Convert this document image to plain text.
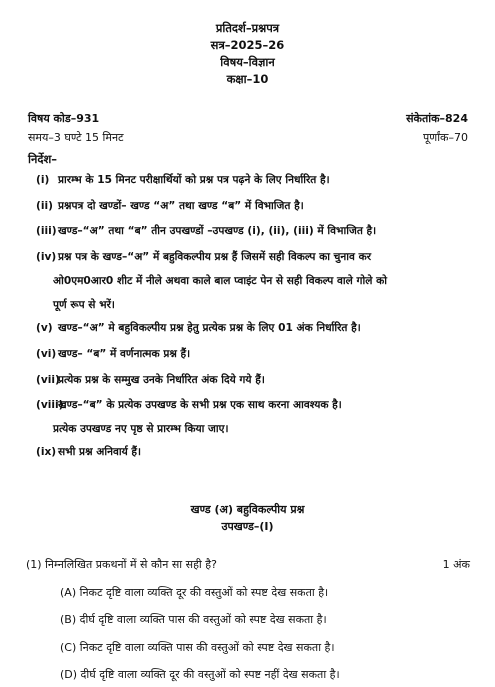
प्रतिदर्श–प्रश्नपत्र
सत्र–2025–26
विषय–विज्ञान
कक्षा–10
विषय कोड–931	संकेतांक–824
समय–3 घण्टे 15 मिनट	पूर्णांक–70
निर्देश–
(i) प्रारम्भ के 15 मिनट परीक्षार्थियों को प्रश्न पत्र पढ़ने के लिए निर्धारित है।
(ii) प्रश्नपत्र दो खण्डों– खण्ड “अ” तथा खण्ड “ब” में विभाजित है।
(iii)खण्ड–“अ” तथा “ब” तीन उपखण्डों –उपखण्ड (i), (ii), (iii) में विभाजित है।
(iv) प्रश्न पत्र के खण्ड–“अ” में बहुविकल्पीय प्रश्न हैं जिसमें सही विकल्प का चुनाव कर
ओ0एम0आर0 शीट में नीले अथवा काले बाल प्वाइंट पेन से सही विकल्प वाले गोले को
पूर्ण रूप से भरें।
(v) खण्ड–“अ” मे बहुविकल्पीय प्रश्न हेतु प्रत्येक प्रश्न के लिए 01 अंक निर्धारित है।
(vi) खण्ड– “ब” में वर्णनात्मक प्रश्न हैं।
(vii)प्रत्येक प्रश्न के सम्मुख उनके निर्धारित अंक दिये गये हैं।
(viii)खण्ड–“ब” के प्रत्येक उपखण्ड के सभी प्रश्न एक साथ करना आवश्यक है।
प्रत्येक उपखण्ड नए पृष्ठ से प्रारम्भ किया जाए।
(ix) सभी प्रश्न अनिवार्य हैं।
खण्ड (अ) बहुविकल्पीय प्रश्न
उपखण्ड–(I)
(1) निम्नलिखित प्रकथनों में से कौन सा सही है?	1 अंक
(A) निकट दृष्टि वाला व्यक्ति दूर की वस्तुओं को स्पष्ट देख सकता है।
(B) दीर्घ दृष्टि वाला व्यक्ति पास की वस्तुओं को स्पष्ट देख सकता है।
(C) निकट दृष्टि वाला व्यक्ति पास की वस्तुओं को स्पष्ट देख सकता है।
(D) दीर्घ दृष्टि वाला व्यक्ति दूर की वस्तुओं को स्पष्ट नहीं देख सकता है।
